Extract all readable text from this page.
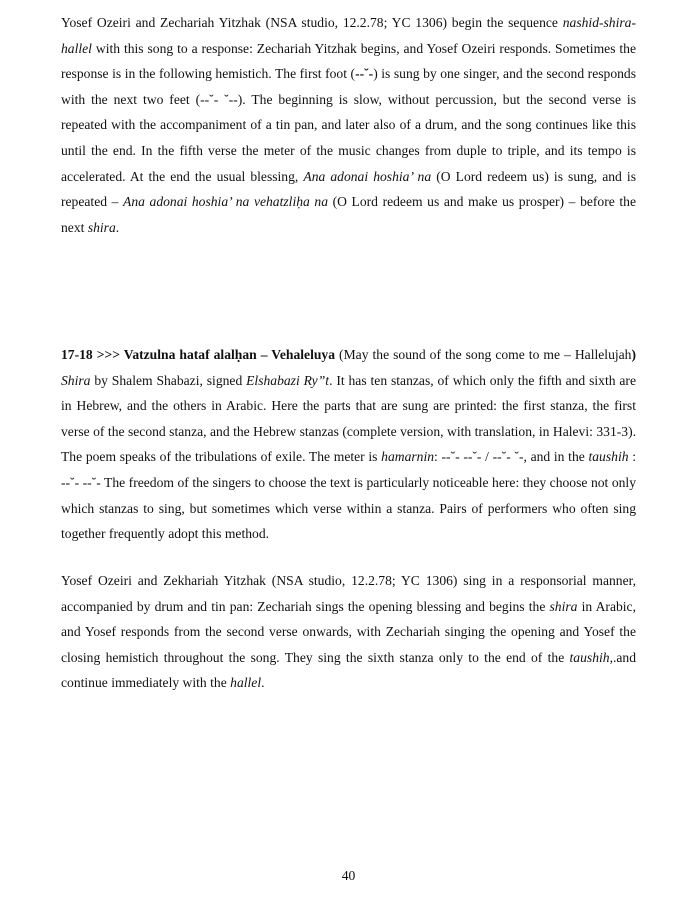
Yosef Ozeiri and Zechariah Yitzhak (NSA studio, 12.2.78; YC 1306) begin the sequence nashid-shira-hallel with this song to a response: Zechariah Yitzhak begins, and Yosef Ozeiri responds. Sometimes the response is in the following hemistich. The first foot (--˘-) is sung by one singer, and the second responds with the next two feet (--˘- ˘--). The beginning is slow, without percussion, but the second verse is repeated with the accompaniment of a tin pan, and later also of a drum, and the song continues like this until the end. In the fifth verse the meter of the music changes from duple to triple, and its tempo is accelerated. At the end the usual blessing, Ana adonai hoshia’ na (O Lord redeem us) is sung, and is repeated – Ana adonai hoshia’ na vehatzliḥa na (O Lord redeem us and make us prosper) – before the next shira.

17-18 >>> Vatzulna hataf alalḥan – Vehaleluya (May the sound of the song come to me – Hallelujah) Shira by Shalem Shabazi, signed Elshabazi Ry”t. It has ten stanzas, of which only the fifth and sixth are in Hebrew, and the others in Arabic. Here the parts that are sung are printed: the first stanza, the first verse of the second stanza, and the Hebrew stanzas (complete version, with translation, in Halevi: 331-3). The poem speaks of the tribulations of exile. The meter is hamarnin: --˘- --˘- / --˘- ˘-, and in the taushih : --˘- --˘- The freedom of the singers to choose the text is particularly noticeable here: they choose not only which stanzas to sing, but sometimes which verse within a stanza. Pairs of performers who often sing together frequently adopt this method.

Yosef Ozeiri and Zekhariah Yitzhak (NSA studio, 12.2.78; YC 1306) sing in a responsorial manner, accompanied by drum and tin pan: Zechariah sings the opening blessing and begins the shira in Arabic, and Yosef responds from the second verse onwards, with Zechariah singing the opening and Yosef the closing hemistich throughout the song. They sing the sixth stanza only to the end of the taushih,.and continue immediately with the hallel.

40
